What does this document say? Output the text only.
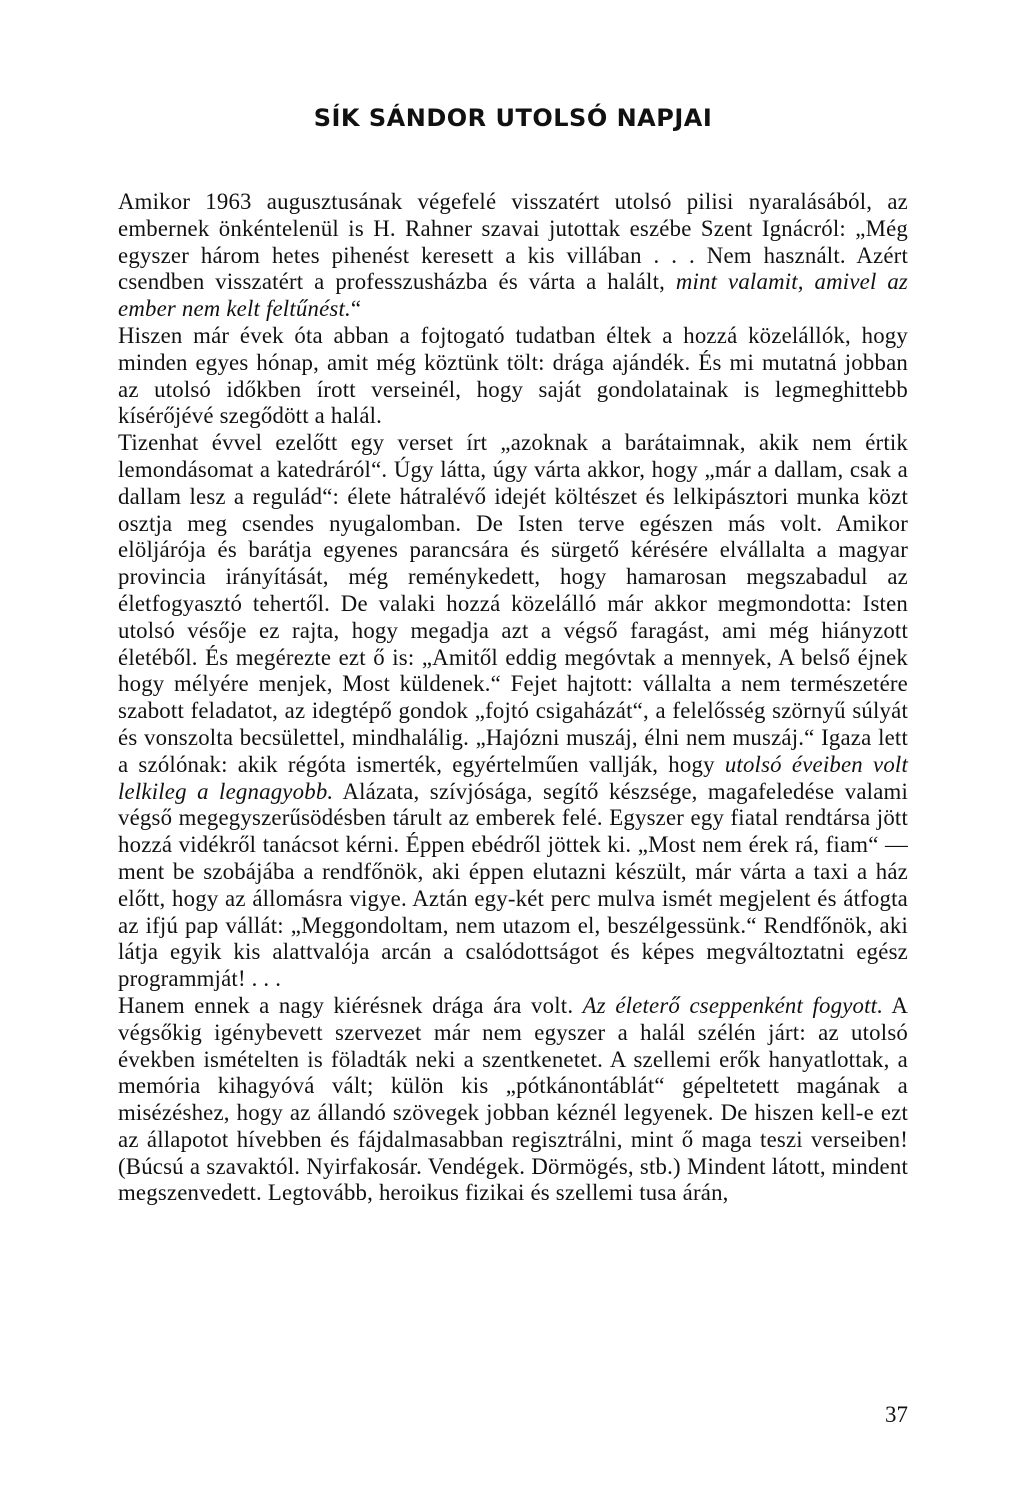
SÍK SÁNDOR UTOLSÓ NAPJAI

Amikor 1963 augusztusának végefelé visszatért utolsó pilisi nyaralásából, az embernek önkéntelenül is H. Rahner szavai jutottak eszébe Szent Ignácról: „Még egyszer három hetes pihenést keresett a kis villában . . . Nem használt. Azért csendben visszatért a professzusházba és várta a halált, mint valamit, amivel az ember nem kelt feltűnést.“

Hiszen már évek óta abban a fojtogató tudatban éltek a hozzá közelállók, hogy minden egyes hónap, amit még köztünk tölt: drága ajándék. És mi mutatná jobban az utolsó időkben írott verseinél, hogy saját gondolatainak is legmeghittebb kísérőjévé szegődött a halál.

Tizenhat évvel ezelőtt egy verset írt „azoknak a barátaimnak, akik nem értik lemondásomat a katedráról“. Úgy látta, úgy várta akkor, hogy „már a dallam, csak a dallam lesz a regulád“: élete hátralévő idejét költészet és lelkipásztori munka közt osztja meg csendes nyugalomban. De Isten terve egészen más volt. Amikor elöljárója és barátja egyenes parancsára és sürgető kérésére elvállalta a magyar provincia irányítását, még reménykedett, hogy hamarosan megszabadul az életfogyasztó tehertől. De valaki hozzá közelálló már akkor megmondotta: Isten utolsó vésője ez rajta, hogy megadja azt a végső faragást, ami még hiányzott életéből. És megérezte ezt ő is: „Amitől eddig megóvtak a mennyek, A belső éjnek hogy mélyére menjek, Most küldenek.“ Fejet hajtott: vállalta a nem természetére szabott feladatot, az idegtépő gondok „fojtó csigaházát“, a felelősség szörnyű súlyát és vonszolta becsülettel, mindhalálig. „Hajózni muszáj, élni nem muszáj.“ Igaza lett a szólónak: akik régóta ismerték, egyértelműen vallják, hogy utolsó éveiben volt lelkileg a legnagyobb. Alázata, szívjósága, segítő készsége, magafeledése valami végső megegyszerűsödésben tárult az emberek felé. Egyszer egy fiatal rendtársa jött hozzá vidékről tanácsot kérni. Éppen ebédről jöttek ki. „Most nem érek rá, fiam“ — ment be szobájába a rendfőnök, aki éppen elutazni készült, már várta a taxi a ház előtt, hogy az állomásra vigye. Aztán egy-két perc mulva ismét megjelent és átfogta az ifjú pap vállát: „Meggondoltam, nem utazom el, beszélgessünk.“ Rendfőnök, aki látja egyik kis alattvalója arcán a csalódottságot és képes megváltoztatni egész programmját! . . .

Hanem ennek a nagy kiérésnek drága ára volt. Az életerő cseppenként fogyott. A végsőkig igénybevett szervezet már nem egyszer a halál szélén járt: az utolsó években ismételten is föladták neki a szentkenetet. A szellemi erők hanyatlottak, a memória kihagyóvá vált; külön kis „pótkánontáblát“ gépeltetett magának a misézéshez, hogy az állandó szövegek jobban kéznél legyenek. De hiszen kell-e ezt az állapotot hívebben és fájdalmasabban regisztrálni, mint ő maga teszi verseiben! (Búcsú a szavaktól. Nyirfakosár. Vendégek. Dörmögés, stb.) Mindent látott, mindent megszenvedett. Legtovább, heroikus fizikai és szellemi tusa árán,

37
